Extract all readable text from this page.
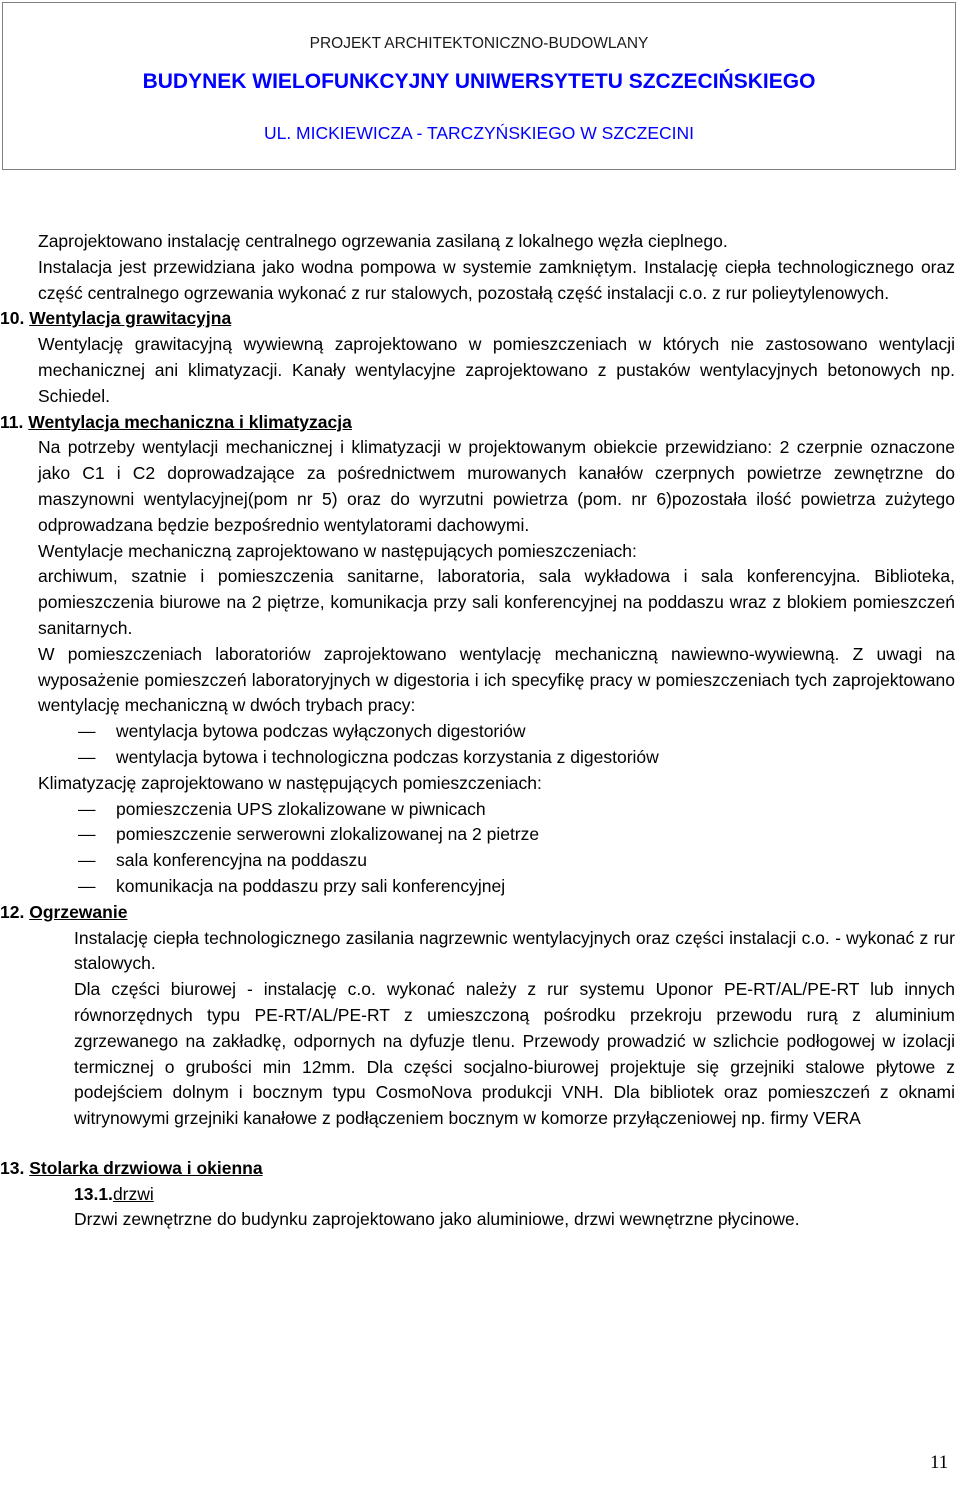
PROJEKT ARCHITEKTONICZNO-BUDOWLANY
BUDYNEK WIELOFUNKCYJNY UNIWERSYTETU SZCZECIŃSKIEGO
UL. MICKIEWICZA - TARCZYŃSKIEGO W SZCZECINI
Zaprojektowano instalację centralnego ogrzewania zasilaną z lokalnego węzła cieplnego.
Instalacja jest przewidziana jako wodna pompowa w systemie zamkniętym. Instalację ciepła technologicznego oraz część centralnego ogrzewania wykonać z rur stalowych, pozostałą część instalacji c.o. z rur polieytylenowych.
10. Wentylacja grawitacyjna
Wentylację grawitacyjną wywiewną zaprojektowano w pomieszczeniach w których nie zastosowano wentylacji mechanicznej ani klimatyzacji. Kanały wentylacyjne zaprojektowano z pustaków wentylacyjnych betonowych np. Schiedel.
11. Wentylacja mechaniczna i klimatyzacja
Na potrzeby wentylacji mechanicznej i klimatyzacji w projektowanym obiekcie przewidziano: 2 czerpnie oznaczone jako C1 i C2 doprowadzające za pośrednictwem murowanych kanałów czerpnych powietrze zewnętrzne do maszynowni wentylacyjnej(pom nr 5) oraz do wyrzutni powietrza (pom. nr 6)pozostała ilość powietrza zużytego odprowadzana będzie bezpośrednio wentylatorami dachowymi.
Wentylacje mechaniczną zaprojektowano w następujących pomieszczeniach:
archiwum, szatnie i pomieszczenia sanitarne, laboratoria, sala wykładowa i sala konferencyjna. Biblioteka, pomieszczenia biurowe na 2 piętrze, komunikacja przy sali konferencyjnej na poddaszu wraz z blokiem pomieszczeń sanitarnych.
W pomieszczeniach laboratoriów zaprojektowano wentylację mechaniczną nawiewno-wywiewną. Z uwagi na wyposażenie pomieszczeń laboratoryjnych w digestoria i ich specyfikę pracy w pomieszczeniach tych zaprojektowano wentylację mechaniczną w dwóch trybach pracy:
—	wentylacja bytowa podczas wyłączonych digestoriów
—	wentylacja bytowa i technologiczna podczas korzystania z digestoriów
Klimatyzację zaprojektowano w następujących pomieszczeniach:
—	pomieszczenia UPS zlokalizowane w piwnicach
—	pomieszczenie serwerowni zlokalizowanej na 2 pietrze
—	sala konferencyjna na poddaszu
—	komunikacja na poddaszu przy sali konferencyjnej
12. Ogrzewanie
Instalację ciepła technologicznego zasilania nagrzewnic wentylacyjnych oraz części instalacji c.o. - wykonać z rur stalowych.
Dla części biurowej - instalację c.o. wykonać należy z rur systemu Uponor PE-RT/AL/PE-RT lub innych równorzędnych typu PE-RT/AL/PE-RT z umieszczoną pośrodku przekroju przewodu rurą z aluminium zgrzewanego na zakładkę, odpornych na dyfuzje tlenu. Przewody prowadzić w szlichcie podłogowej w izolacji termicznej o grubości min 12mm. Dla części socjalno-biurowej projektuje się grzejniki stalowe płytowe z podejściem dolnym i bocznym typu CosmoNova produkcji VNH. Dla bibliotek oraz pomieszczeń z oknami witrynowymi grzejniki kanałowe z podłączeniem bocznym w komorze przyłączeniowej np. firmy VERA
13. Stolarka drzwiowa i okienna
13.1.drzwi
Drzwi zewnętrzne do budynku zaprojektowano jako aluminiowe, drzwi wewnętrzne płycinowe.
11
